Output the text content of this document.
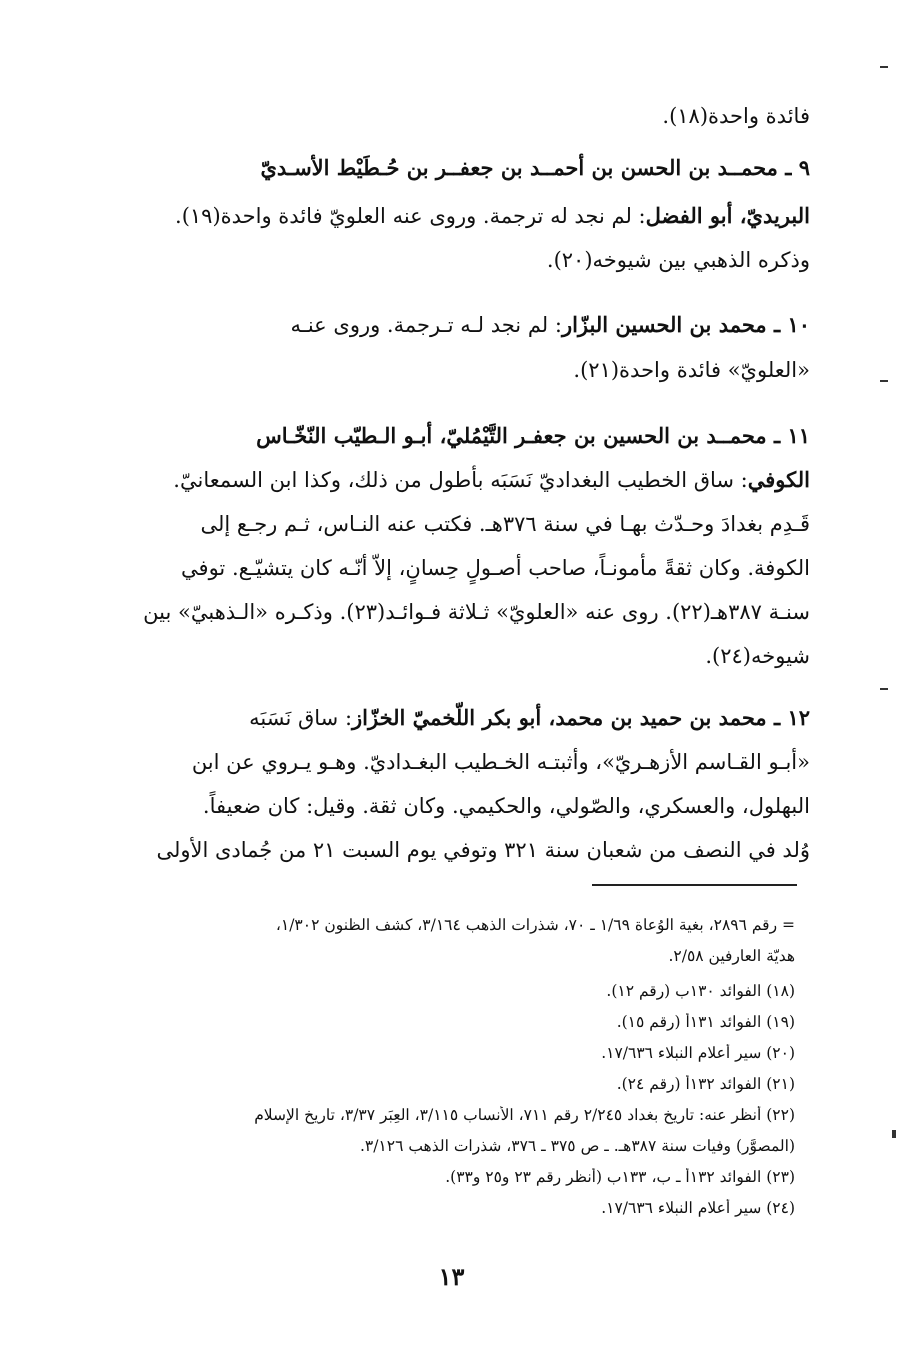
فائدة واحدة(١٨).
٩ ـ محمــد بن الحسن بن أحمــد بن جعفــر بن حُـطَيْط الأسـديّ
البريديّ، أبو الفضل: لم نجد له ترجمة. وروى عنه العلويّ فائدة واحدة(١٩).
وذكره الذهبي بين شيوخه(٢٠).
١٠ ـ محمد بن الحسين البزّار: لم نجد لـه تـرجمة. وروى عنـه
«العلويّ» فائدة واحدة(٢١).
١١ ـ محمــد بن الحسين بن جعفـر التَّيْمُليّ، أبـو الـطيّب النّخّـاس
الكوفي: ساق الخطيب البغداديّ نَسَبَه بأطول من ذلك، وكذا ابن السمعانيّ.
قَـدِم بغدادَ وحـدّث بهـا في سنة ٣٧٦هـ. فكتب عنه النـاس، ثـم رجـع إلى
الكوفة. وكان ثقةً مأمونـاً، صاحب أصـولٍ حِسانٍ، إلاّ أنّـه كان يتشيّـع. توفي
سنـة ٣٨٧هـ(٢٢). روى عنه «العلويّ» ثـلاثة فـوائـد(٢٣). وذكـره «الـذهبيّ» بين
شيوخه(٢٤).
١٢ ـ محمد بن حميد بن محمد، أبو بكر اللّخميّ الخزّاز: ساق نَسَبَه
«أبـو القـاسم الأزهـريّ»، وأثبتـه الخـطيب البغـداديّ. وهـو يـروي عن ابن
البهلول، والعسكري، والصّولي، والحكيمي. وكان ثقة. وقيل: كان ضعيفاً.
وُلد في النصف من شعبان سنة ٣٢١ وتوفي يوم السبت ٢١ من جُمادى الأولى
= رقم ٢٨٩٦، بغية الوُعاة ١/٦٩ ـ ٧٠، شذرات الذهب ٣/١٦٤، كشف الظنون ١/٣٠٢،
هديّة العارفين ٢/٥٨.
(١٨) الفوائد ١٣٠ب (رقم ١٢).
(١٩) الفوائد ١٣١أ (رقم ١٥).
(٢٠) سير أعلام النبلاء ١٧/٦٣٦.
(٢١) الفوائد ١٣٢أ (رقم ٢٤).
(٢٢) أنظر عنه: تاريخ بغداد ٢/٢٤٥ رقم ٧١١، الأنساب ٣/١١٥، العِبَر ٣/٣٧، تاريخ الإسلام
(المصوَّر) وفيات سنة ٣٨٧هـ. ـ ص ٣٧٥ ـ ٣٧٦، شذرات الذهب ٣/١٢٦.
(٢٣) الفوائد ١٣٢أ ـ ب، ١٣٣ب (أنظر رقم ٢٣ و٢٥ و٣٣).
(٢٤) سير أعلام النبلاء ١٧/٦٣٦.
١٣
